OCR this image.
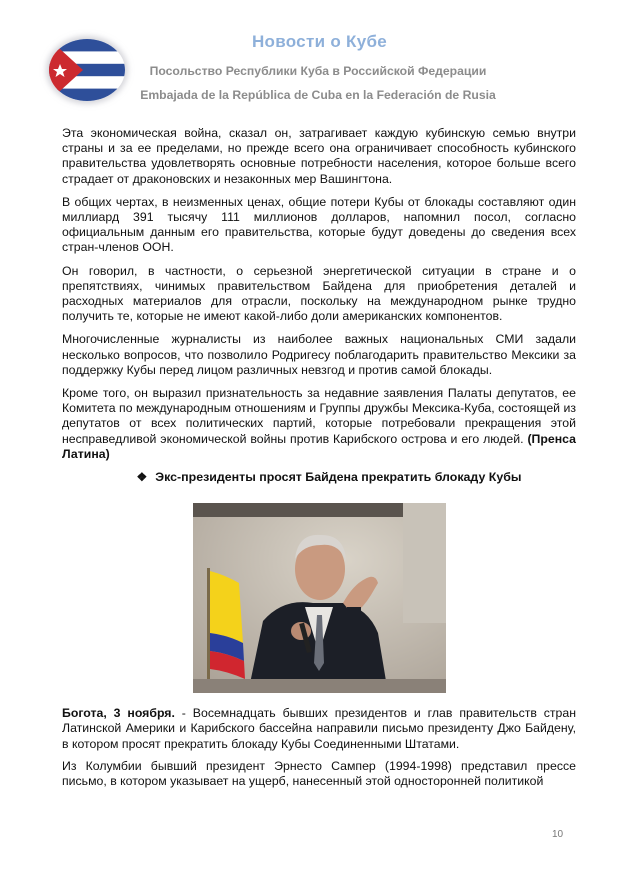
Новости о Кубе
Посольство Республики Куба в Российской Федерации
Embajada de la República de Cuba en la Federación de Rusia

Эта экономическая война, сказал он, затрагивает каждую кубинскую семью внутри страны и за ее пределами, но прежде всего она ограничивает способность кубинского правительства удовлетворять основные потребности населения, которое больше всего страдает от драконовских и незаконных мер Вашингтона.

В общих чертах, в неизменных ценах, общие потери Кубы от блокады составляют один миллиард 391 тысячу 111 миллионов долларов, напомнил посол, согласно официальным данным его правительства, которые будут доведены до сведения всех стран-членов ООН.

Он говорил, в частности, о серьезной энергетической ситуации в стране и о препятствиях, чинимых правительством Байдена для приобретения деталей и расходных материалов для отрасли, поскольку на международном рынке трудно получить те, которые не имеют какой-либо доли американских компонентов.

Многочисленные журналисты из наиболее важных национальных СМИ задали несколько вопросов, что позволило Родригесу поблагодарить правительство Мексики за поддержку Кубы перед лицом различных невзгод и против самой блокады.

Кроме того, он выразил признательность за недавние заявления Палаты депутатов, ее Комитета по международным отношениям и Группы дружбы Мексика-Куба, состоящей из депутатов от всех политических партий, которые потребовали прекращения этой несправедливой экономической войны против Карибского острова и его людей. (Пренса Латина)

❖ Экс-президенты просят Байдена прекратить блокаду Кубы

Богота, 3 ноября. - Восемнадцать бывших президентов и глав правительств стран Латинской Америки и Карибского бассейна направили письмо президенту Джо Байдену, в котором просят прекратить блокаду Кубы Соединенными Штатами.

Из Колумбии бывший президент Эрнесто Сампер (1994-1998) представил прессе письмо, в котором указывает на ущерб, нанесенный этой односторонней политикой

10
